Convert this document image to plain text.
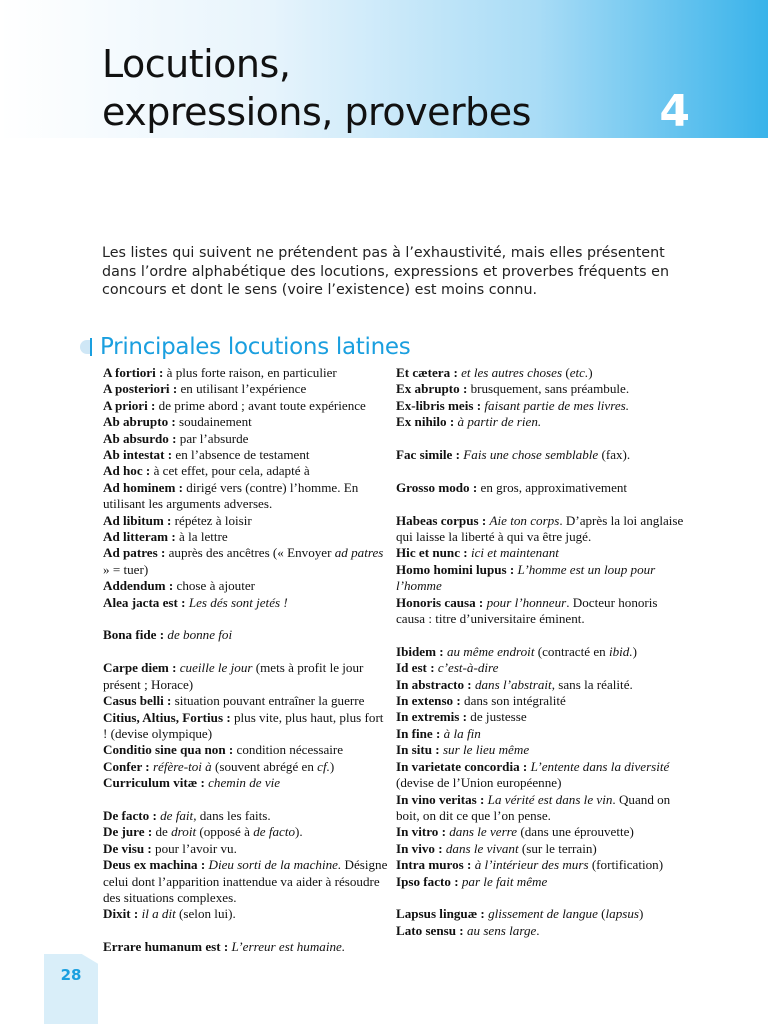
Locutions,
expressions, proverbes	4

Les listes qui suivent ne prétendent pas à l’exhaustivité, mais elles présentent dans l’ordre alphabétique des locutions, expressions et proverbes fréquents en concours et dont le sens (voire l’existence) est moins connu.

Principales locutions latines

A fortiori : à plus forte raison, en particulier

A posteriori : en utilisant l’expérience

A priori : de prime abord ; avant toute expérience

Ab abrupto : soudainement

Ab absurdo : par l’absurde

Ab intestat : en l’absence de testament

Ad hoc : à cet effet, pour cela, adapté à

Ad hominem : dirigé vers (contre) l’homme. En utilisant les arguments adverses.

Ad libitum : répétez à loisir

Ad litteram : à la lettre

Ad patres : auprès des ancêtres (« Envoyer ad patres » = tuer)

Addendum : chose à ajouter

Alea jacta est : Les dés sont jetés !

Bona fide : de bonne foi

Carpe diem : cueille le jour (mets à profit le jour présent ; Horace)

Casus belli : situation pouvant entraîner la guerre

Citius, Altius, Fortius : plus vite, plus haut, plus fort ! (devise olympique)

Conditio sine qua non : condition nécessaire

Confer : réfère-toi à (souvent abrégé en cf.)

Curriculum vitæ : chemin de vie

De facto : de fait, dans les faits.

De jure : de droit (opposé à de facto).

De visu : pour l’avoir vu.

Deus ex machina : Dieu sorti de la machine. Désigne celui dont l’apparition inattendue va aider à résoudre des situations complexes.

Dixit : il a dit (selon lui).

Errare humanum est : L’erreur est humaine.

Et cætera : et les autres choses (etc.)

Ex abrupto : brusquement, sans préambule.

Ex-libris meis : faisant partie de mes livres.

Ex nihilo : à partir de rien.

Fac simile : Fais une chose semblable (fax).

Grosso modo : en gros, approximativement

Habeas corpus : Aie ton corps. D’après la loi anglaise qui laisse la liberté à qui va être jugé.

Hic et nunc : ici et maintenant

Homo homini lupus : L’homme est un loup pour l’homme

Honoris causa : pour l’honneur. Docteur honoris causa : titre d’universitaire éminent.

Ibidem : au même endroit (contracté en ibid.)

Id est : c’est-à-dire

In abstracto : dans l’abstrait, sans la réalité.

In extenso : dans son intégralité

In extremis : de justesse

In fine : à la fin

In situ : sur le lieu même

In varietate concordia : L’entente dans la diversité (devise de l’Union européenne)

In vino veritas : La vérité est dans le vin. Quand on boit, on dit ce que l’on pense.

In vitro : dans le verre (dans une éprouvette)

In vivo : dans le vivant (sur le terrain)

Intra muros : à l’intérieur des murs (fortification)

Ipso facto : par le fait même

Lapsus linguæ : glissement de langue (lapsus)

Lato sensu : au sens large.

28
